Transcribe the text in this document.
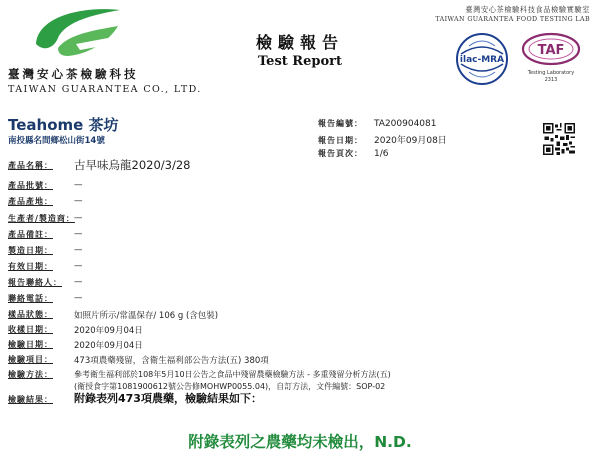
臺灣安心茶檢驗科技
TAIWAN GUARANTEA CO., LTD.
檢驗報告
Test Report
臺灣安心茶檢驗科技食品檢驗實驗室
TAIWAN GUARANTEA FOOD TESTING LAB
ilac-MRA
TAF
Testing Laboratory
2313
Teahome 茶坊
南投縣名間鄉松山街14號
報告編號： TA200904081
報告日期： 2020年09月08日
報告頁次： 1/6
產品名稱： 古早味烏龍2020/3/28
產品批號： —
產品產地： —
生產者/製造商： —
產品備註： —
製造日期： —
有效日期： —
報告聯絡人： —
聯絡電話： —
樣品狀態： 如照片所示/常溫保存/ 106 g (含包裝)
收樣日期： 2020年09月04日
檢驗日期： 2020年09月04日
檢驗項目： 473項農藥殘留，含衛生福利部公告方法(五) 380項
檢驗方法：	參考衛生福利部於108年5月10日公告之食品中殘留農藥檢驗方法 - 多重殘留分析方法(五)
(衛授食字第1081900612號公告修MOHWP0055.04)，自訂方法，文件編號：SOP-02
檢驗結果： 附錄表列473項農藥，檢驗結果如下：
附錄表列之農藥均未檢出，N.D.
